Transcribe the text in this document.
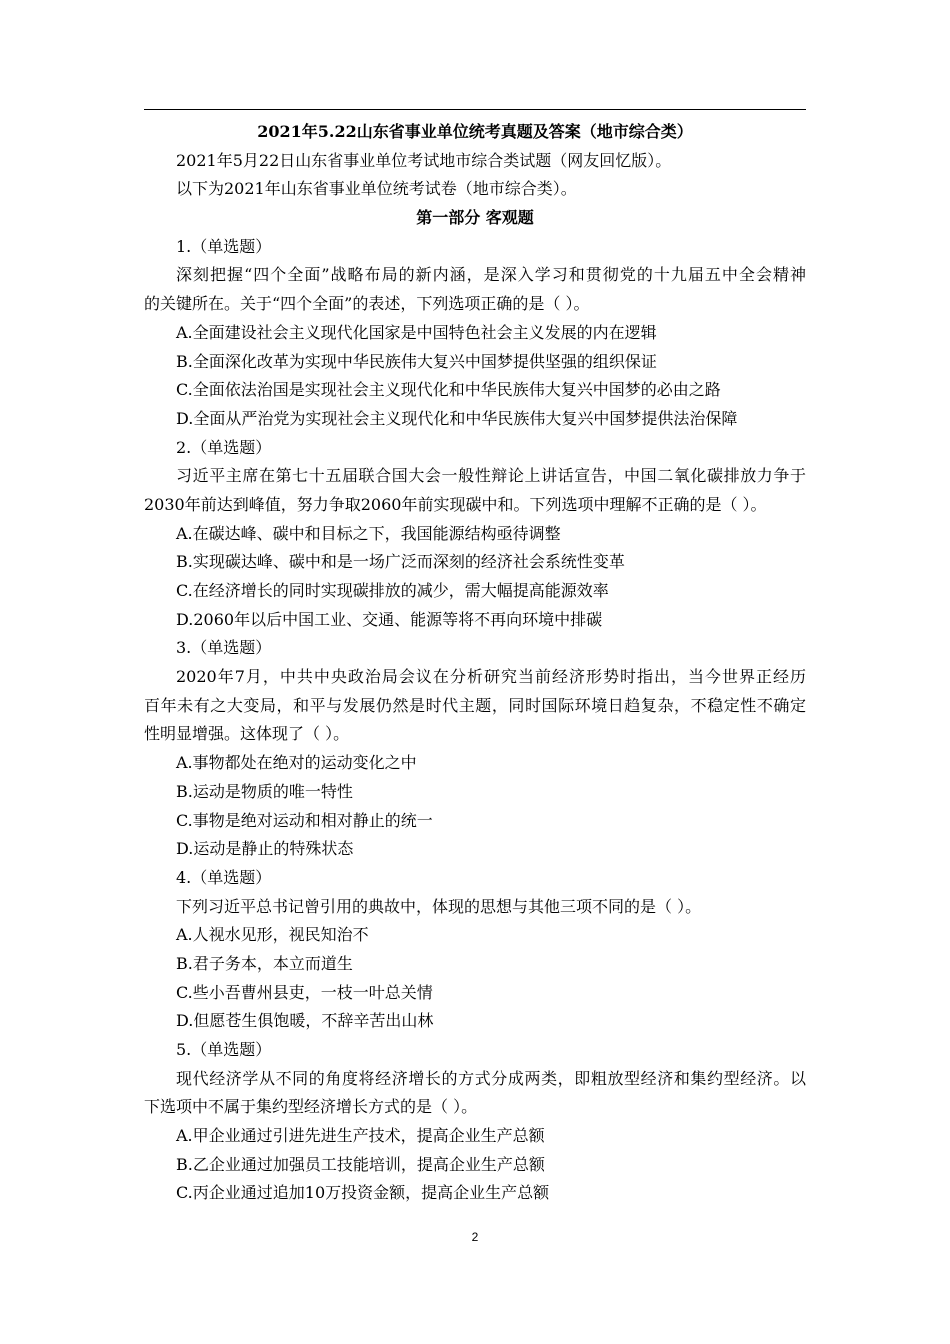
2021年5.22山东省事业单位统考真题及答案（地市综合类）
2021年5月22日山东省事业单位考试地市综合类试题（网友回忆版）。
以下为2021年山东省事业单位统考试卷（地市综合类）。
第一部分 客观题
1.（单选题）
深刻把握“四个全面”战略布局的新内涵，是深入学习和贯彻党的十九届五中全会精神
的关键所在。关于“四个全面”的表述，下列选项正确的是（ ）。
A.全面建设社会主义现代化国家是中国特色社会主义发展的内在逻辑
B.全面深化改革为实现中华民族伟大复兴中国梦提供坚强的组织保证
C.全面依法治国是实现社会主义现代化和中华民族伟大复兴中国梦的必由之路
D.全面从严治党为实现社会主义现代化和中华民族伟大复兴中国梦提供法治保障
2.（单选题）
习近平主席在第七十五届联合国大会一般性辩论上讲话宣告，中国二氧化碳排放力争于
2030年前达到峰值，努力争取2060年前实现碳中和。下列选项中理解不正确的是（ ）。
A.在碳达峰、碳中和目标之下，我国能源结构亟待调整
B.实现碳达峰、碳中和是一场广泛而深刻的经济社会系统性变革
C.在经济增长的同时实现碳排放的减少，需大幅提高能源效率
D.2060年以后中国工业、交通、能源等将不再向环境中排碳
3.（单选题）
2020年7月，中共中央政治局会议在分析研究当前经济形势时指出，当今世界正经历
百年未有之大变局，和平与发展仍然是时代主题，同时国际环境日趋复杂，不稳定性不确定
性明显增强。这体现了（ ）。
A.事物都处在绝对的运动变化之中
B.运动是物质的唯一特性
C.事物是绝对运动和相对静止的统一
D.运动是静止的特殊状态
4.（单选题）
下列习近平总书记曾引用的典故中，体现的思想与其他三项不同的是（ ）。
A.人视水见形，视民知治不
B.君子务本，本立而道生
C.些小吾曹州县吏，一枝一叶总关情
D.但愿苍生俱饱暖，不辞辛苦出山林
5.（单选题）
现代经济学从不同的角度将经济增长的方式分成两类，即粗放型经济和集约型经济。以
下选项中不属于集约型经济增长方式的是（ ）。
A.甲企业通过引进先进生产技术，提高企业生产总额
B.乙企业通过加强员工技能培训，提高企业生产总额
C.丙企业通过追加10万投资金额，提高企业生产总额
2
